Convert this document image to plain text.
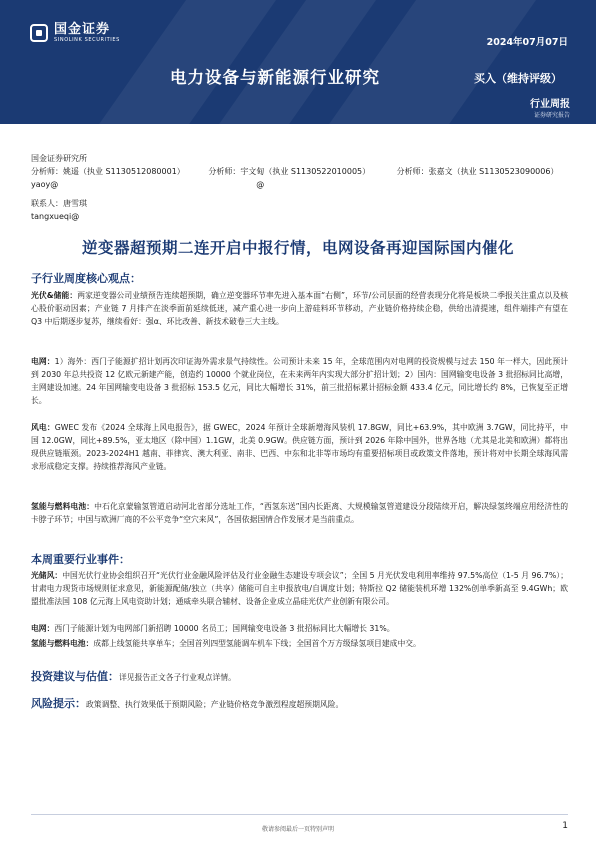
国金证券
SINOLINK SECURITIES	2024年07月07日
电力设备与新能源行业研究	买入（维持评级）
行业周报
证券研究报告
国金证券研究所
分析师：姚遥（执业 S1130512080001）	分析师：宇文甸（执业 S1130522010005）	分析师：张嘉文（执业 S1130523090006）
yaoy@	@
联系人：唐雪琪
tangxueqi@
逆变器超预期二连开启中报行情，电网设备再迎国际国内催化
子行业周度核心观点：
光伏&储能：两家逆变器公司业绩预告连续超预期，确立逆变器环节率先进入基本面“右侧”，环节/公司层面的经营表现分化将是板块二季报关注重点以及核心股价驱动因素；产业链 7 月排产在淡季面前延续低迷，减产重心进一步向上游硅料环节移动，产业链价格持续企稳，供给出清提速，组件端排产有望在 Q3 中后期逐步复苏，继续看好：强α、环比改善、新技术破卷三大主线。
电网：1）海外：西门子能源扩招计划再次印证海外需求景气持续性。公司预计未来 15 年，全球范围内对电网的投资规模与过去 150 年一样大，因此预计到 2030 年总共投资 12 亿欧元新建产能，创造约 10000 个就业岗位，在未来两年内实现大部分扩招计划；2）国内：国网输变电设备 3 批招标同比高增，主网建设加速。24 年国网输变电设备 3 批招标 153.5 亿元，同比大幅增长 31%，前三批招标累计招标金额 433.4 亿元，同比增长约 8%，已恢复至正增长。
风电：GWEC 发布《2024 全球海上风电报告》，据 GWEC，2024 年预计全球新增海风装机 17.8GW，同比+63.9%，其中欧洲 3.7GW，同比持平，中国 12.0GW，同比+89.5%，亚太地区（除中国）1.1GW，北美 0.9GW。供应链方面，预计到 2026 年除中国外，世界各地（尤其是北美和欧洲）都将出现供应链瓶颈。2023-2024H1 越南、菲律宾、澳大利亚、南非、巴西、中东和北非等市场均有重要招标项目或政策文件落地，预计将对中长期全球海风需求形成稳定支撑。持续推荐海风产业链。
氢能与燃料电池：中石化京蒙输氢管道启动河北省部分选址工作，“西氢东送”国内长距离、大规模输氢管道建设分段陆续开启，解决绿氢终端应用经济性的卡脖子环节；中国与欧洲厂商的不公平竞争“空穴来风”，各国依据国情合作发展才是当前重点。
本周重要行业事件：
光储风：中国光伏行业协会组织召开“光伏行业金融风险评估及行业金融生态建设专项会议”；全国 5 月光伏发电利用率维持 97.5%高位（1-5 月 96.7%）；甘肃电力现货市场规则征求意见，新能源配储/独立（共享）储能可自主申报放电/自调度计划；特斯拉 Q2 储能装机环增 132%创单季新高至 9.4GWh；欧盟批准法国 108 亿元海上风电资助计划；通威牵头联合辅材、设备企业成立晶硅光伏产业创新有限公司。
电网：西门子能源计划为电网部门新招聘 10000 名员工；国网输变电设备 3 批招标同比大幅增长 31%。
氢能与燃料电池：成都上线氢能共享单车；全国首列四型氢能调车机车下线；全国首个万方级绿氢项目建成中交。
投资建议与估值：详见报告正文各子行业观点详情。
风险提示：政策调整、执行效果低于预期风险；产业链价格竞争激烈程度超预期风险。
敬请参阅最后一页特别声明	1
